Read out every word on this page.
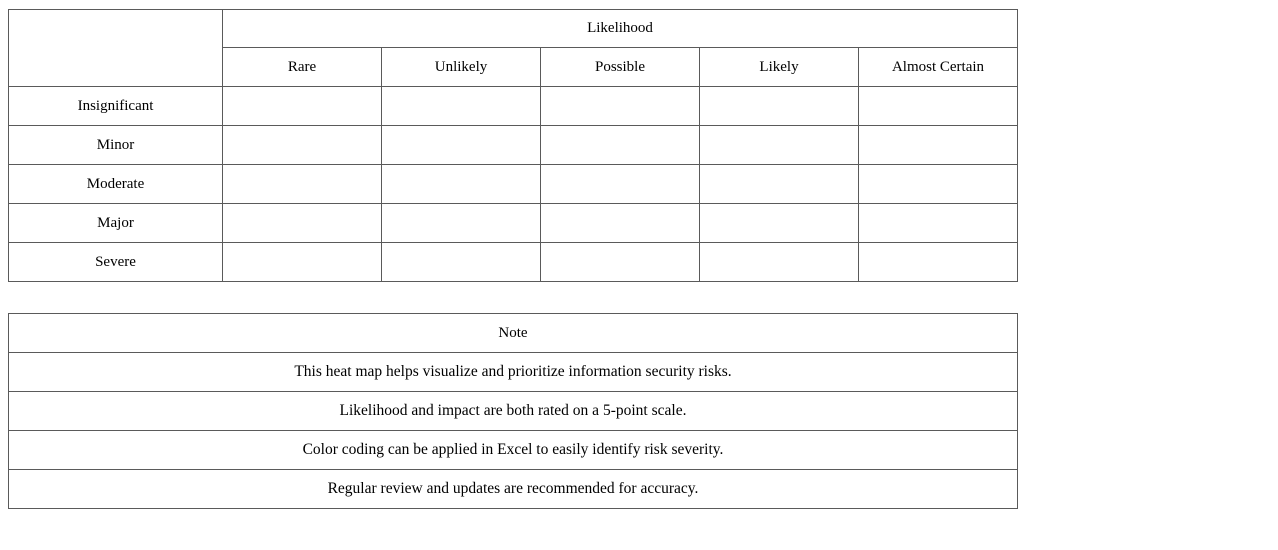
	Likelihood				
	Rare	Unlikely	Possible	Likely	Almost Certain
Insignificant					
Minor					
Moderate					
Major					
Severe					
Note
This heat map helps visualize and prioritize information security risks.
Likelihood and impact are both rated on a 5-point scale.
Color coding can be applied in Excel to easily identify risk severity.
Regular review and updates are recommended for accuracy.
